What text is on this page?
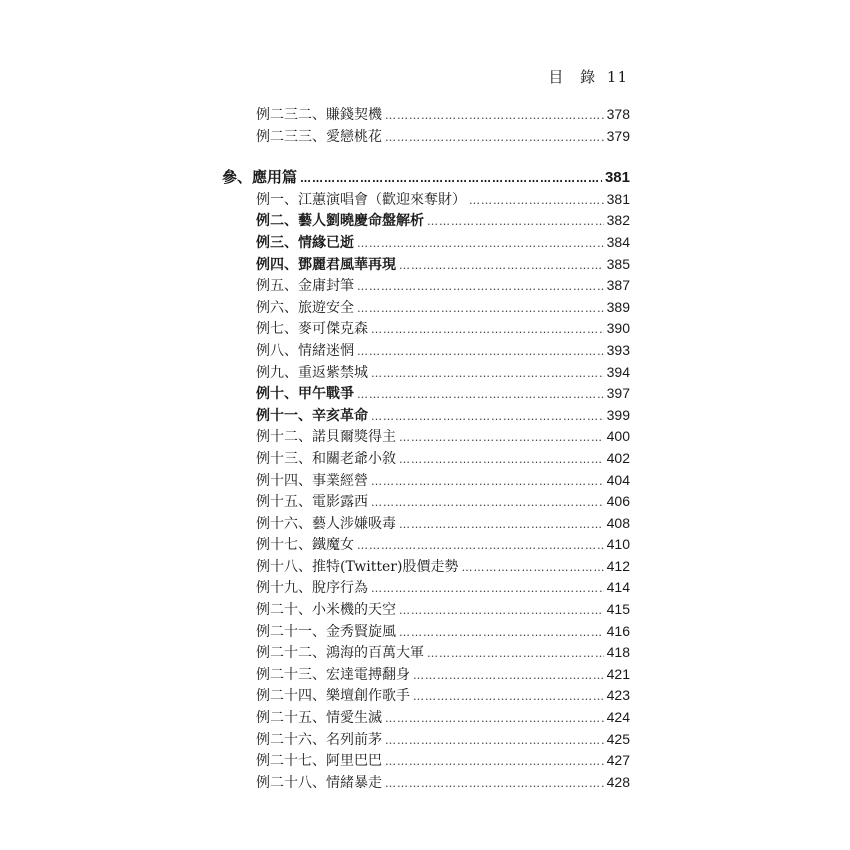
目 錄 11
例二三二、賺錢契機 …………………………………………………………………………………………………………………………………	378
例二三三、愛戀桃花 …………………………………………………………………………………………………………………………………	379
參、應用篇 …………………………………………………………………………………………………………………………………	381
例一、江蕙演唱會（歡迎來奪財） …………………………………………………………………………………………………………………………………	381
例二、藝人劉曉慶命盤解析 …………………………………………………………………………………………………………………………………	382
例三、情緣已逝 …………………………………………………………………………………………………………………………………	384
例四、鄧麗君風華再現 …………………………………………………………………………………………………………………………………	385
例五、金庸封筆 …………………………………………………………………………………………………………………………………	387
例六、旅遊安全 …………………………………………………………………………………………………………………………………	389
例七、麥可傑克森 …………………………………………………………………………………………………………………………………	390
例八、情緒迷惘 …………………………………………………………………………………………………………………………………	393
例九、重返紫禁城 …………………………………………………………………………………………………………………………………	394
例十、甲午戰爭 …………………………………………………………………………………………………………………………………	397
例十一、辛亥革命 …………………………………………………………………………………………………………………………………	399
例十二、諾貝爾獎得主 …………………………………………………………………………………………………………………………………	400
例十三、和關老爺小敘 …………………………………………………………………………………………………………………………………	402
例十四、事業經營 …………………………………………………………………………………………………………………………………	404
例十五、電影露西 …………………………………………………………………………………………………………………………………	406
例十六、藝人涉嫌吸毒 …………………………………………………………………………………………………………………………………	408
例十七、鐵魔女 …………………………………………………………………………………………………………………………………	410
例十八、推特(Twitter)股價走勢 …………………………………………………………………………………………………………………………………	412
例十九、脫序行為 …………………………………………………………………………………………………………………………………	414
例二十、小米機的天空 …………………………………………………………………………………………………………………………………	415
例二十一、金秀賢旋風 …………………………………………………………………………………………………………………………………	416
例二十二、鴻海的百萬大軍 …………………………………………………………………………………………………………………………………	418
例二十三、宏達電搏翻身 …………………………………………………………………………………………………………………………………	421
例二十四、樂壇創作歌手 …………………………………………………………………………………………………………………………………	423
例二十五、情愛生滅 …………………………………………………………………………………………………………………………………	424
例二十六、名列前茅 …………………………………………………………………………………………………………………………………	425
例二十七、阿里巴巴 …………………………………………………………………………………………………………………………………	427
例二十八、情緒暴走 …………………………………………………………………………………………………………………………………	428
